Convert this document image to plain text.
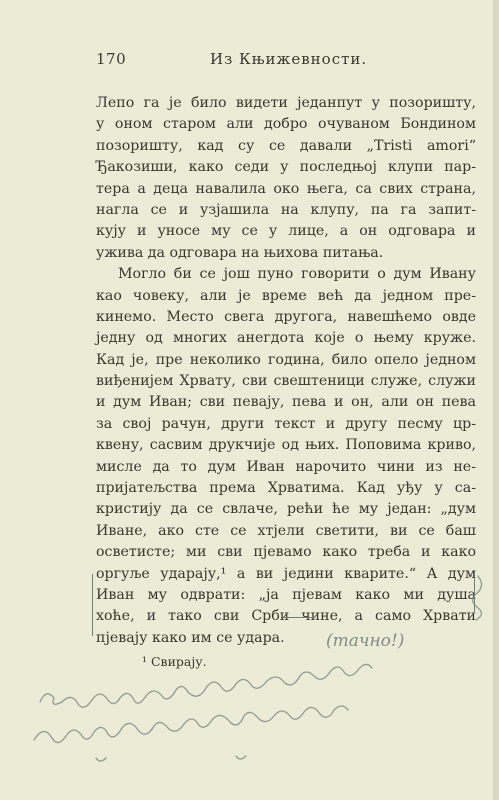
170	Из Књижевности.
Лепо га је било видети једанпут у позоришту,
у оном старом али добро очуваном Бондином
позоришту, кад су се давали „Tristi amori“
Ђакозиши, како седи у последњој клупи пар-
тера а деца навалила око њега, са свих страна,
нагла се и узјашила на клупу, па га запит-
кују и уносе му се у лице, а он одговара и
ужива да одговара на њихова питања.
Могло би се још пуно говорити о дум Ивану
као човеку, али је време већ да једном пре-
кинемо. Место свега другога, навешћемо овде
једну од многих анегдота које о њему круже.
Кад је, пре неколико година, било опело једном
виђенијем Хрвату, сви свештеници служе, служи
и дум Иван; сви певају, пева и он, али он пева
за свој рачун, други текст и другу песму цр-
квену, сасвим друкчије од њих. Поповима криво,
мисле да то дум Иван нарочито чини из не-
пријатељства према Хрватима. Кад уђу у са-
кристију да се свлаче, рећи ће му један: „дум
Иване, ако сте се хтјели светити, ви се баш
осветисте; ми сви пјевамо како треба и како
оргуље ударају,¹ а ви једини кварите.“ А дум
Иван му одврати: „ја пјевам како ми душа
хоће, и тако сви Срби чине, а само Хрвати
пјевају како им се удара.
¹ Свирају.
(тачно!)
